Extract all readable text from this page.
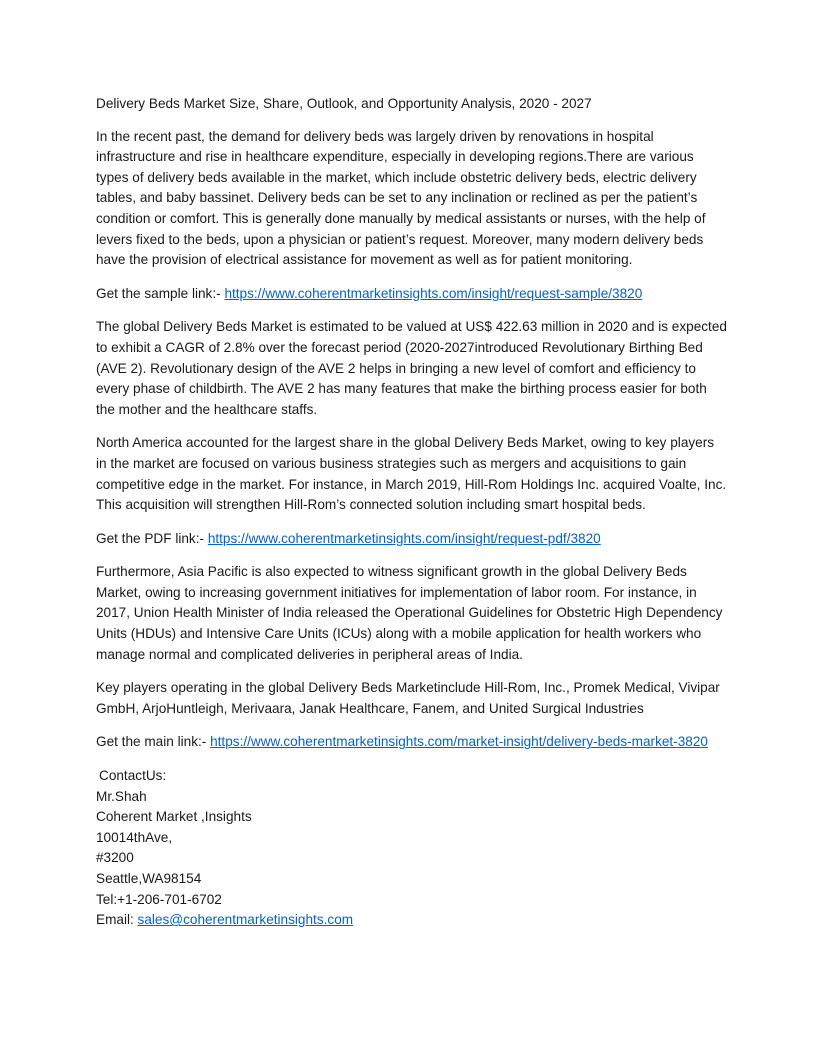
Delivery Beds Market Size, Share, Outlook, and Opportunity Analysis, 2020 - 2027

In the recent past, the demand for delivery beds was largely driven by renovations in hospital infrastructure and rise in healthcare expenditure, especially in developing regions.There are various types of delivery beds available in the market, which include obstetric delivery beds, electric delivery tables, and baby bassinet. Delivery beds can be set to any inclination or reclined as per the patient’s condition or comfort. This is generally done manually by medical assistants or nurses, with the help of levers fixed to the beds, upon a physician or patient’s request. Moreover, many modern delivery beds have the provision of electrical assistance for movement as well as for patient monitoring.

Get the sample link:- https://www.coherentmarketinsights.com/insight/request-sample/3820

The global Delivery Beds Market is estimated to be valued at US$ 422.63 million in 2020 and is expected to exhibit a CAGR of 2.8% over the forecast period (2020-2027introduced Revolutionary Birthing Bed (AVE 2). Revolutionary design of the AVE 2 helps in bringing a new level of comfort and efficiency to every phase of childbirth. The AVE 2 has many features that make the birthing process easier for both the mother and the healthcare staffs.

North America accounted for the largest share in the global Delivery Beds Market, owing to key players in the market are focused on various business strategies such as mergers and acquisitions to gain competitive edge in the market. For instance, in March 2019, Hill-Rom Holdings Inc. acquired Voalte, Inc. This acquisition will strengthen Hill-Rom’s connected solution including smart hospital beds.

Get the PDF link:- https://www.coherentmarketinsights.com/insight/request-pdf/3820

Furthermore, Asia Pacific is also expected to witness significant growth in the global Delivery Beds Market, owing to increasing government initiatives for implementation of labor room. For instance, in 2017, Union Health Minister of India released the Operational Guidelines for Obstetric High Dependency Units (HDUs) and Intensive Care Units (ICUs) along with a mobile application for health workers who manage normal and complicated deliveries in peripheral areas of India.

Key players operating in the global Delivery Beds Marketinclude Hill-Rom, Inc., Promek Medical, Vivipar GmbH, ArjoHuntleigh, Merivaara, Janak Healthcare, Fanem, and United Surgical Industries

Get the main link:- https://www.coherentmarketinsights.com/market-insight/delivery-beds-market-3820

ContactUs:
Mr.Shah
Coherent Market ,Insights
10014thAve,
#3200
Seattle,WA98154
Tel:+1-206-701-6702
Email: sales@coherentmarketinsights.com
